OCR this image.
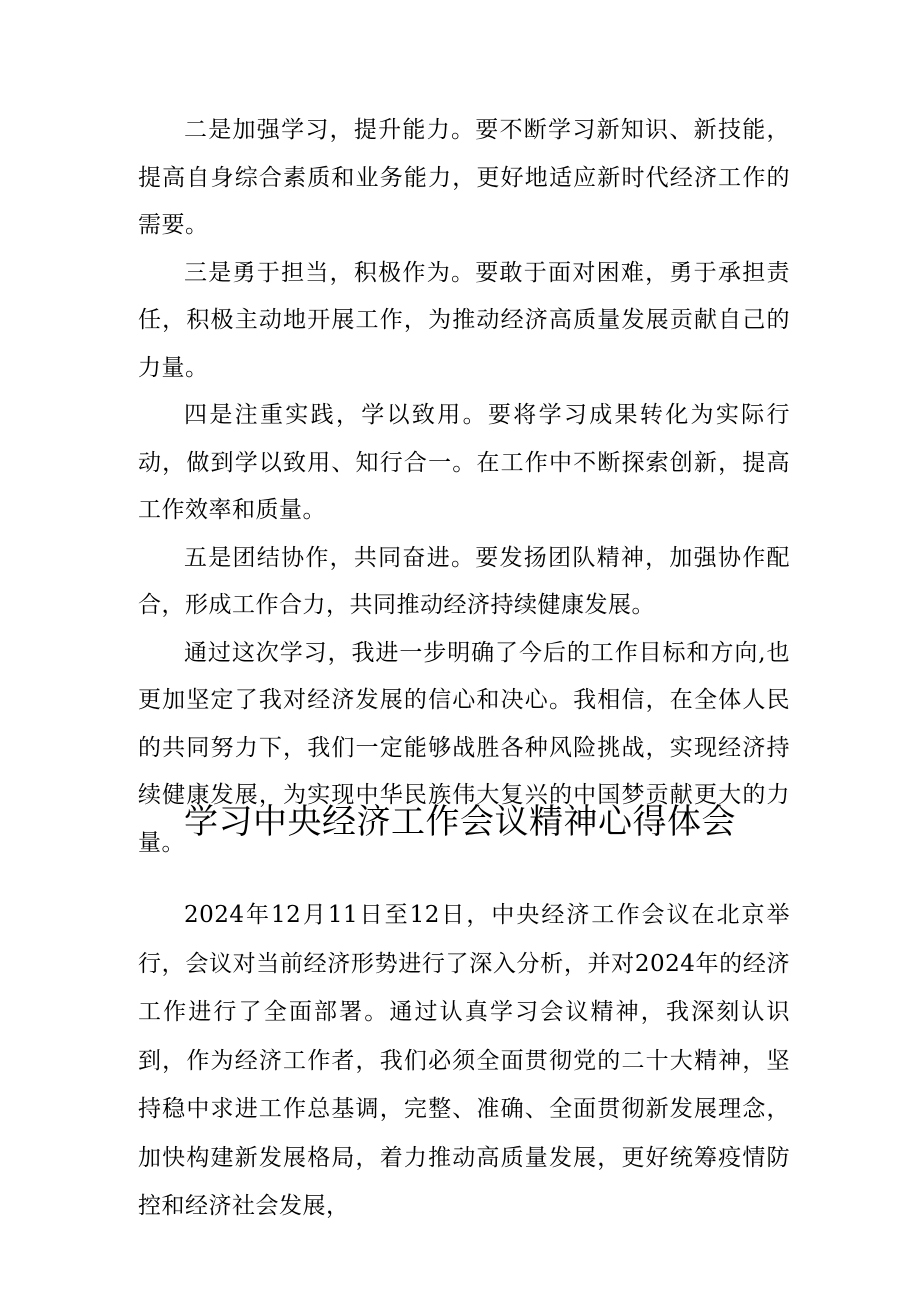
二是加强学习，提升能力。要不断学习新知识、新技能，提高自身综合素质和业务能力，更好地适应新时代经济工作的需要。

三是勇于担当，积极作为。要敢于面对困难，勇于承担责任，积极主动地开展工作，为推动经济高质量发展贡献自己的力量。

四是注重实践，学以致用。要将学习成果转化为实际行动，做到学以致用、知行合一。在工作中不断探索创新，提高工作效率和质量。

五是团结协作，共同奋进。要发扬团队精神，加强协作配合，形成工作合力，共同推动经济持续健康发展。

通过这次学习，我进一步明确了今后的工作目标和方向,也更加坚定了我对经济发展的信心和决心。我相信，在全体人民的共同努力下，我们一定能够战胜各种风险挑战，实现经济持续健康发展，为实现中华民族伟大复兴的中国梦贡献更大的力量。

学习中央经济工作会议精神心得体会

2024年12月11日至12日，中央经济工作会议在北京举行，会议对当前经济形势进行了深入分析，并对2024年的经济工作进行了全面部署。通过认真学习会议精神，我深刻认识到，作为经济工作者，我们必须全面贯彻党的二十大精神，坚持稳中求进工作总基调，完整、准确、全面贯彻新发展理念，加快构建新发展格局，着力推动高质量发展，更好统筹疫情防控和经济社会发展，
